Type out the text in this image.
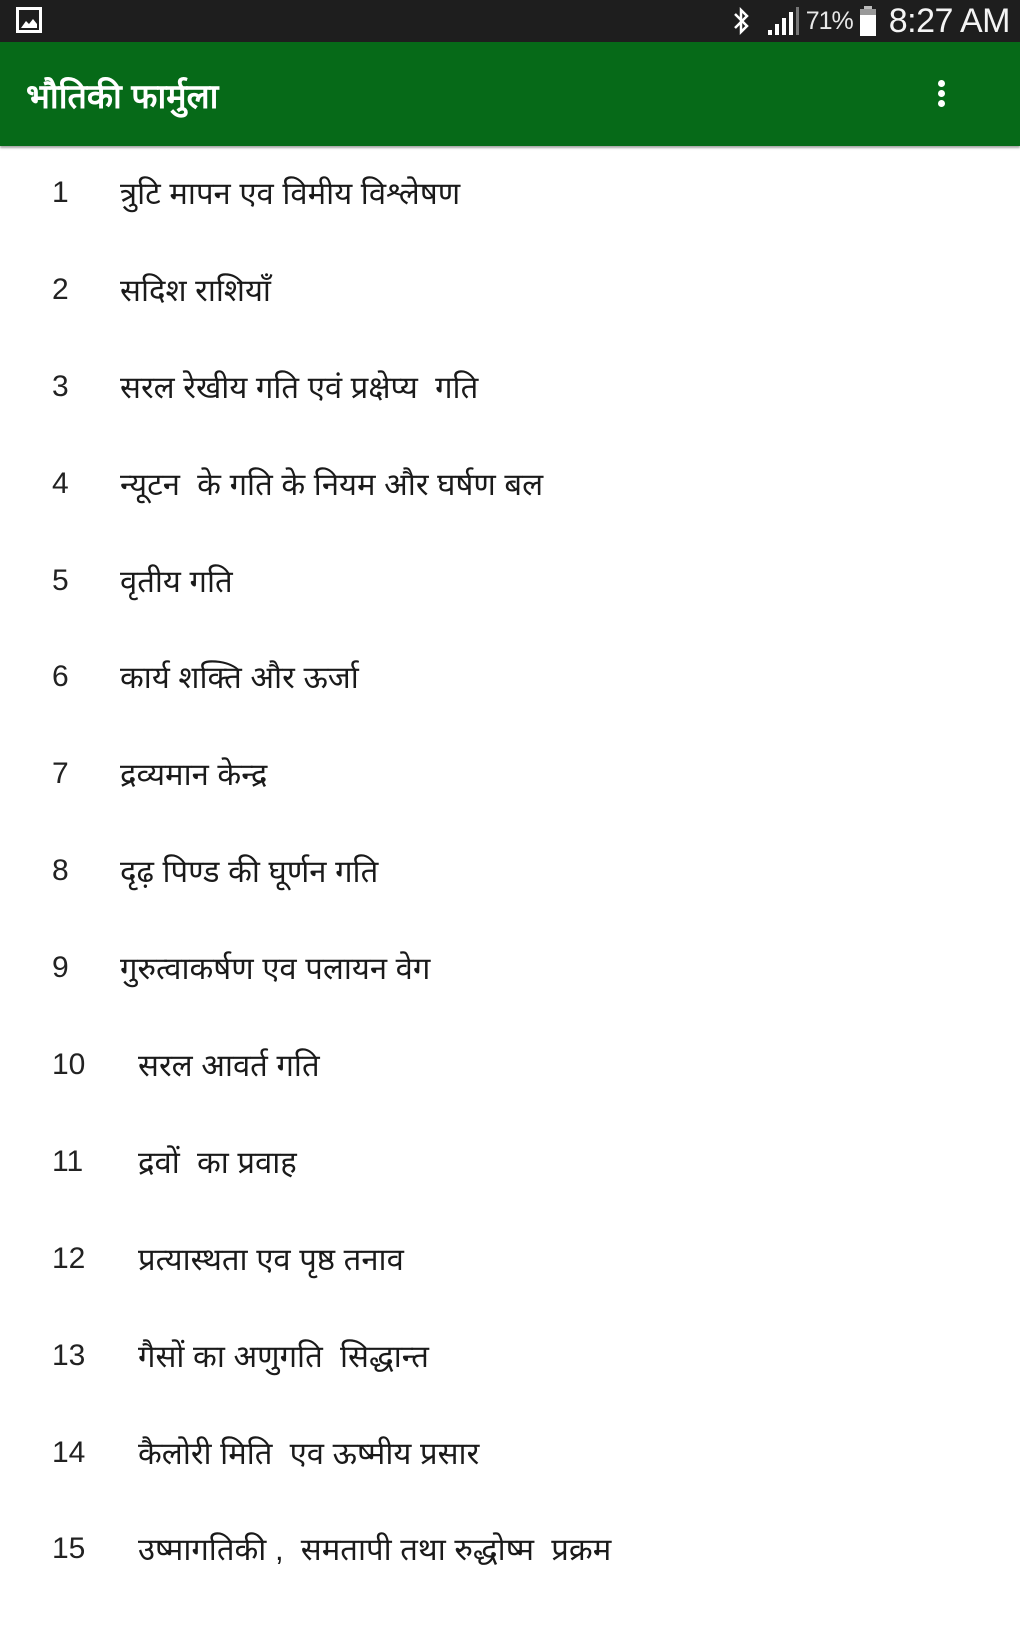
71% 8:27 AM
भौतिकी फार्मुला
1 त्रुटि मापन एव विमीय विश्लेषण
2 सदिश राशियाँ
3 सरल रेखीय गति एवं प्रक्षेप्य  गति
4 न्यूटन  के गति के नियम और घर्षण बल
5 वृतीय गति
6 कार्य शक्ति और ऊर्जा
7 द्रव्यमान केन्द्र
8 दृढ़ पिण्ड की घूर्णन गति
9 गुरुत्वाकर्षण एव पलायन वेग
10 सरल आवर्त गति
11 द्रवों  का प्रवाह
12 प्रत्यास्थता एव पृष्ठ तनाव
13 गैसों का अणुगति  सिद्धान्त
14 कैलोरी मिति  एव ऊष्मीय प्रसार
15 उष्मागतिकी ,  समतापी तथा रुद्धोष्म  प्रक्रम
